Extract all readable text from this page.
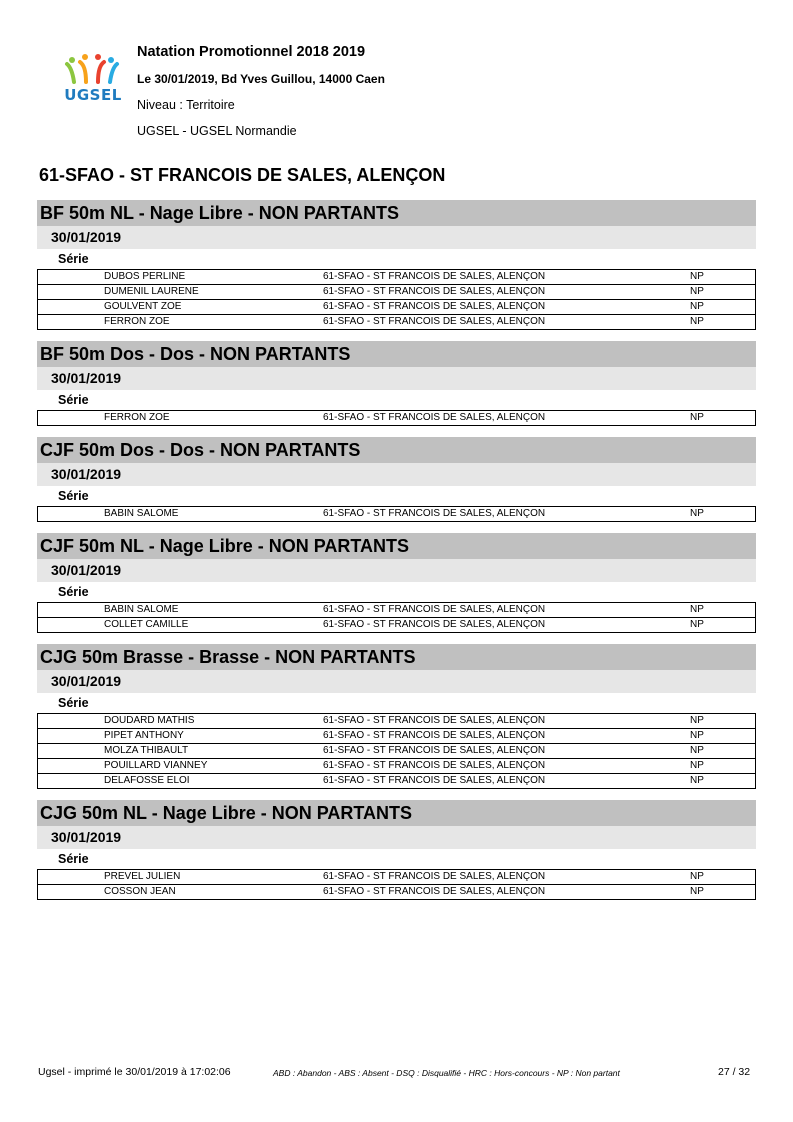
UGSEL
Natation Promotionnel 2018 2019
Le 30/01/2019, Bd Yves Guillou, 14000 Caen
Niveau : Territoire
UGSEL - UGSEL Normandie
61-SFAO - ST FRANCOIS DE SALES, ALENÇON
BF 50m NL - Nage Libre - NON PARTANTS
30/01/2019
Série
DUBOS PERLINE	61-SFAO - ST FRANCOIS DE SALES, ALENÇON	NP
DUMENIL LAURENE	61-SFAO - ST FRANCOIS DE SALES, ALENÇON	NP
GOULVENT ZOE	61-SFAO - ST FRANCOIS DE SALES, ALENÇON	NP
FERRON ZOE	61-SFAO - ST FRANCOIS DE SALES, ALENÇON	NP
BF 50m Dos - Dos - NON PARTANTS
30/01/2019
Série
FERRON ZOE	61-SFAO - ST FRANCOIS DE SALES, ALENÇON	NP
CJF 50m Dos - Dos - NON PARTANTS
30/01/2019
Série
BABIN SALOME	61-SFAO - ST FRANCOIS DE SALES, ALENÇON	NP
CJF 50m NL - Nage Libre - NON PARTANTS
30/01/2019
Série
BABIN SALOME	61-SFAO - ST FRANCOIS DE SALES, ALENÇON	NP
COLLET CAMILLE	61-SFAO - ST FRANCOIS DE SALES, ALENÇON	NP
CJG 50m Brasse - Brasse - NON PARTANTS
30/01/2019
Série
DOUDARD MATHIS	61-SFAO - ST FRANCOIS DE SALES, ALENÇON	NP
PIPET ANTHONY	61-SFAO - ST FRANCOIS DE SALES, ALENÇON	NP
MOLZA THIBAULT	61-SFAO - ST FRANCOIS DE SALES, ALENÇON	NP
POUILLARD VIANNEY	61-SFAO - ST FRANCOIS DE SALES, ALENÇON	NP
DELAFOSSE ELOI	61-SFAO - ST FRANCOIS DE SALES, ALENÇON	NP
CJG 50m NL - Nage Libre - NON PARTANTS
30/01/2019
Série
PREVEL JULIEN	61-SFAO - ST FRANCOIS DE SALES, ALENÇON	NP
COSSON JEAN	61-SFAO - ST FRANCOIS DE SALES, ALENÇON	NP
Ugsel - imprimé le 30/01/2019 à 17:02:06	ABD : Abandon - ABS : Absent - DSQ : Disqualifié - HRC : Hors-concours - NP : Non partant	27 / 32
